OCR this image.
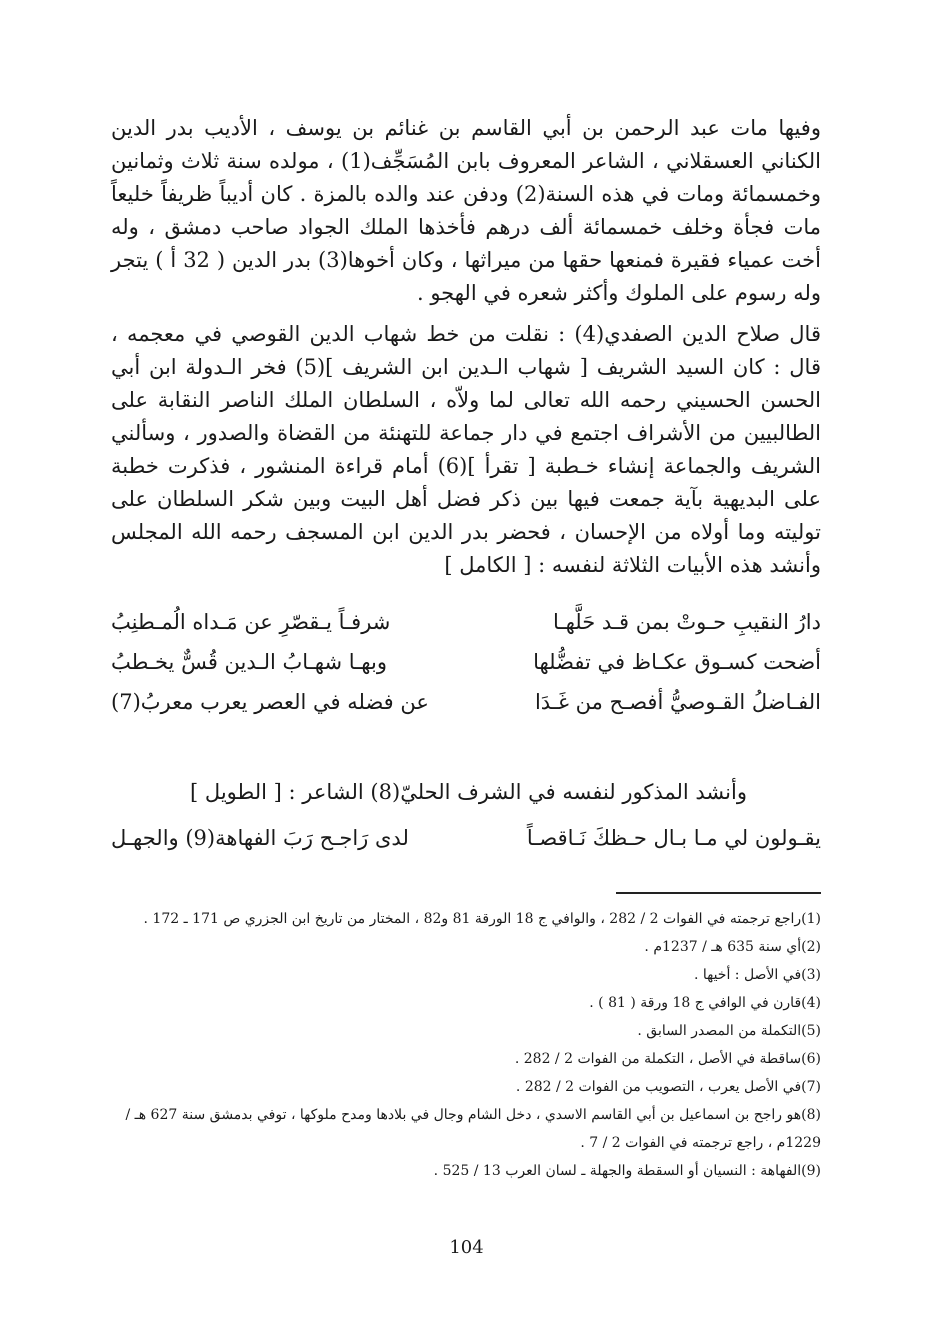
وفيها مات عبد الرحمن بن أبي القاسم بن غنائم بن يوسف ، الأديب بدر الدين الكناني العسقلاني ، الشاعر المعروف بابن المُسَجِّف(1) ، مولده سنة ثلاث وثمانين وخمسمائة ومات في هذه السنة(2) ودفن عند والده بالمزة . كان أديباً ظريفاً خليعاً مات فجأة وخلف خمسمائة ألف درهم فأخذها الملك الجواد صاحب دمشق ، وله أخت عمياء فقيرة فمنعها حقها من ميراثها ، وكان أخوها(3) بدر الدين ( 32 أ ) يتجر وله رسوم على الملوك وأكثر شعره في الهجو .

قال صلاح الدين الصفدي(4) : نقلت من خط شهاب الدين القوصي في معجمه ، قال : كان السيد الشريف [ شهاب الـدين ابن الشريف ](5) فخر الـدولة ابن أبي الحسن الحسيني رحمه الله تعالى لما ولاّه ، السلطان الملك الناصر النقابة على الطالبيين من الأشراف اجتمع في دار جماعة للتهنئة من القضاة والصدور ، وسألني الشريف والجماعة إنشاء خـطبة [ تقرأ ](6) أمام قراءة المنشور ، فذكرت خطبة على البديهية بآية جمعت فيها بين ذكر فضل أهل البيت وبين شكر السلطان على توليته وما أولاه من الإحسان ، فحضر بدر الدين ابن المسجف رحمه الله المجلس وأنشد هذه الأبيات الثلاثة لنفسه : [ الكامل ]

دارُ النقيبِ حـوتْ بمن قـد حَلَّهـا
شرفـاً يـقصّرِ عن مَـداه الُمـطنِبُ
أضحت كسـوق عكـاظ في تفضُّلها
وبهـا شهـابُ الـدين قُسٌّ يخـطبُ
الفـاضلُ القـوصيُّ أفصـح من غَـدَا
عن فضله في العصر يعرب معربُ(7)
وأنشد المذكور لنفسه في الشرف الحليّ(8) الشاعر : [ الطويل ]
يقـولون لي مـا بـال حـظكَ نَـاقصـاً
لدى رَاجـح رَبَ الفهاهة(9) والجهـل
(1)راجع ترجمته في الفوات 2 / 282 ، والوافي ج 18 الورقة 81 و82 ، المختار من تاريخ ابن الجزري ص 171 ـ 172 .
(2)أي سنة 635 هـ / 1237م .
(3)في الأصل : أخيها .
(4)قارن في الوافي ج 18 ورقة ( 81 ) .
(5)التكملة من المصدر السابق .
(6)ساقطة في الأصل ، التكملة من الفوات 2 / 282 .
(7)في الأصل يعرب ، التصويب من الفوات 2 / 282 .
(8)هو راجح بن اسماعيل بن أبي القاسم الاسدي ، دخل الشام وجال في بلادها ومدح ملوكها ، توفي بدمشق سنة 627 هـ / 1229م ، راجع ترجمته في الفوات 2 / 7 .
(9)الفهاهة : النسيان أو السقطة والجهلة ـ لسان العرب 13 / 525 .
104
